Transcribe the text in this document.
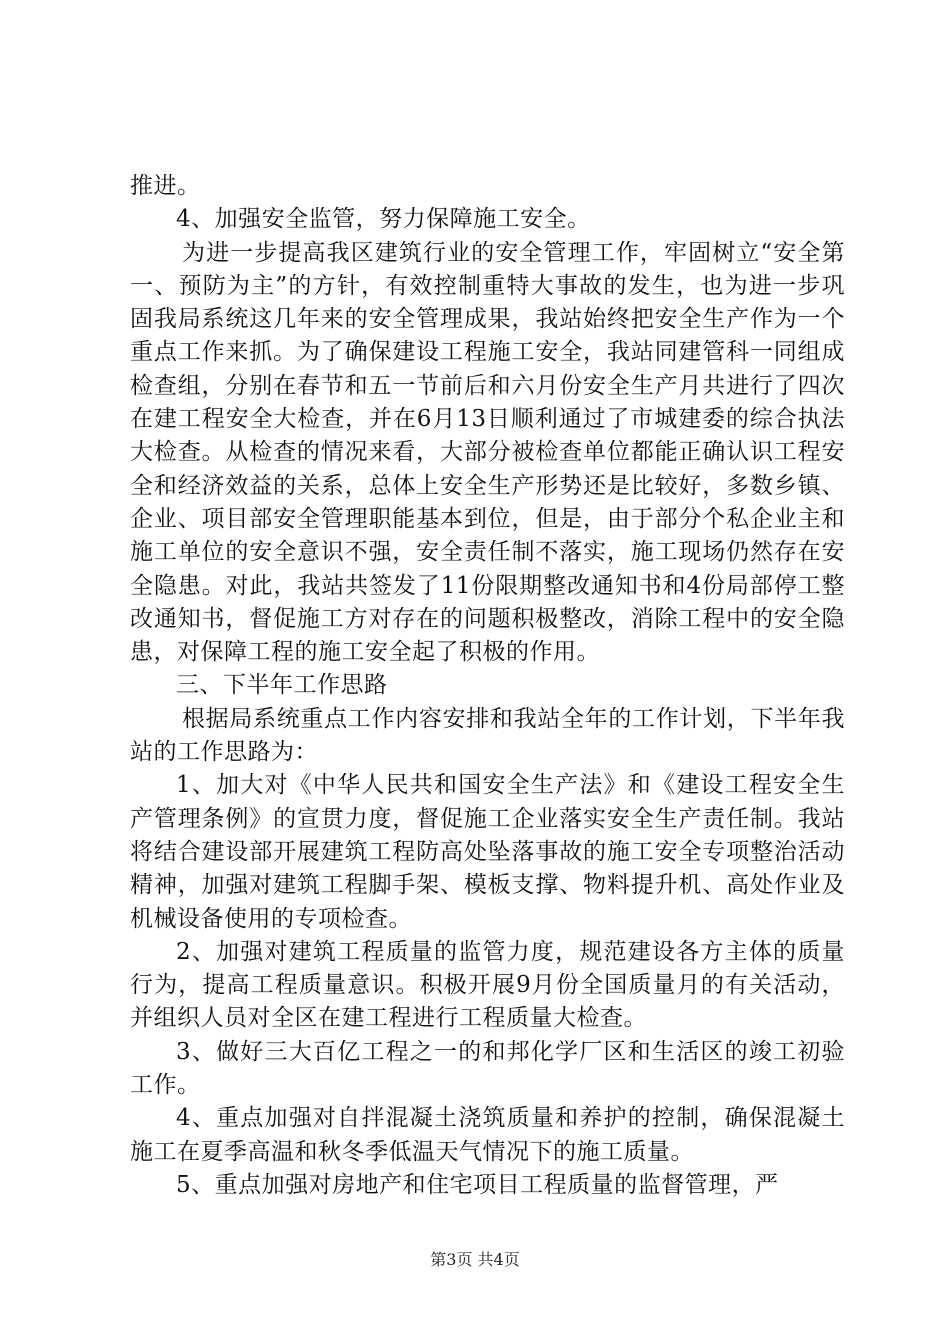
推进。

4、加强安全监管，努力保障施工安全。

为进一步提高我区建筑行业的安全管理工作，牢固树立“安全第一、预防为主”的方针，有效控制重特大事故的发生，也为进一步巩固我局系统这几年来的安全管理成果，我站始终把安全生产作为一个重点工作来抓。为了确保建设工程施工安全，我站同建管科一同组成检查组，分别在春节和五一节前后和六月份安全生产月共进行了四次在建工程安全大检查，并在6月13日顺利通过了市城建委的综合执法大检查。从检查的情况来看，大部分被检查单位都能正确认识工程安全和经济效益的关系，总体上安全生产形势还是比较好，多数乡镇、企业、项目部安全管理职能基本到位，但是，由于部分个私企业主和施工单位的安全意识不强，安全责任制不落实，施工现场仍然存在安全隐患。对此，我站共签发了11份限期整改通知书和4份局部停工整改通知书，督促施工方对存在的问题积极整改，消除工程中的安全隐患，对保障工程的施工安全起了积极的作用。

三、下半年工作思路

根据局系统重点工作内容安排和我站全年的工作计划，下半年我站的工作思路为：

1、加大对《中华人民共和国安全生产法》和《建设工程安全生产管理条例》的宣贯力度，督促施工企业落实安全生产责任制。我站将结合建设部开展建筑工程防高处坠落事故的施工安全专项整治活动精神，加强对建筑工程脚手架、模板支撑、物料提升机、高处作业及机械设备使用的专项检查。

2、加强对建筑工程质量的监管力度，规范建设各方主体的质量行为，提高工程质量意识。积极开展9月份全国质量月的有关活动，并组织人员对全区在建工程进行工程质量大检查。

3、做好三大百亿工程之一的和邦化学厂区和生活区的竣工初验工作。

4、重点加强对自拌混凝土浇筑质量和养护的控制，确保混凝土施工在夏季高温和秋冬季低温天气情况下的施工质量。

5、重点加强对房地产和住宅项目工程质量的监督管理，严

第3页 共4页
